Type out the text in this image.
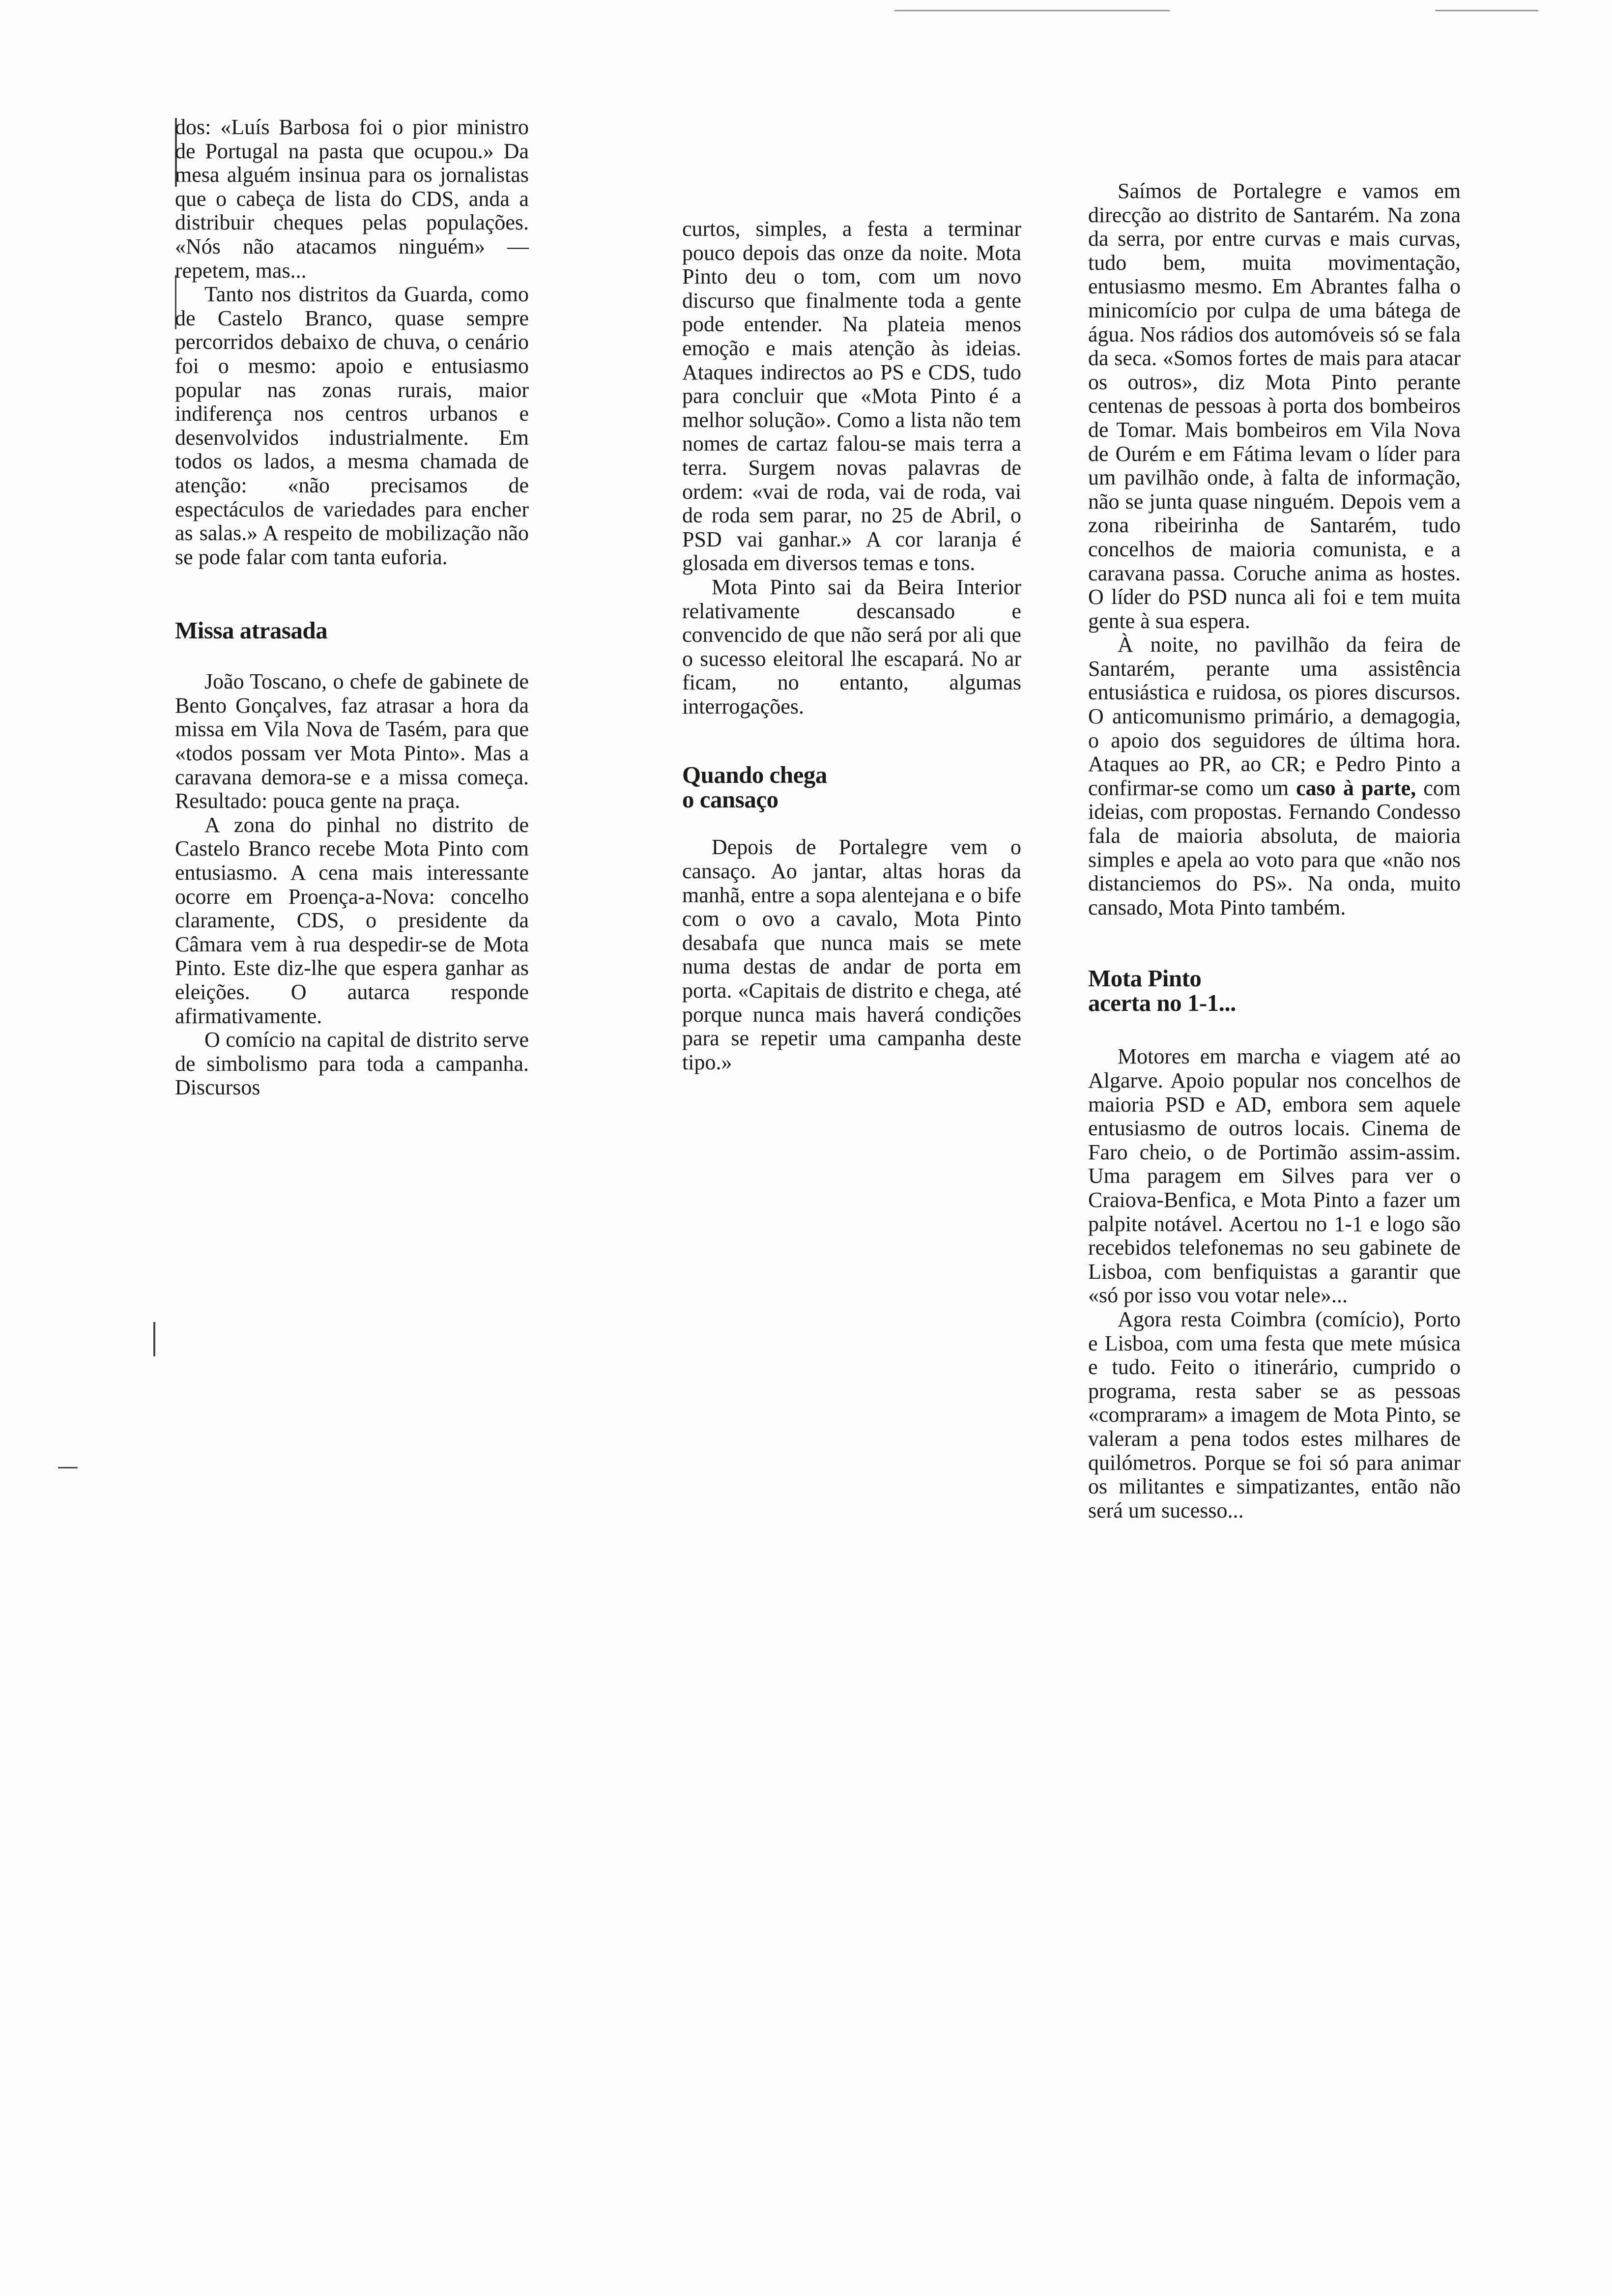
dos: «Luís Barbosa foi o pior ministro de Portugal na pasta que ocupou.» Da mesa alguém insinua para os jornalistas que o cabeça de lista do CDS, anda a distribuir cheques pelas populações. «Nós não atacamos ninguém» — repetem, mas...

Tanto nos distritos da Guarda, como de Castelo Branco, quase sempre percorridos debaixo de chuva, o cenário foi o mesmo: apoio e entusiasmo popular nas zonas rurais, maior indiferença nos centros urbanos e desenvolvidos industrialmente. Em todos os lados, a mesma chamada de atenção: «não precisamos de espectáculos de variedades para encher as salas.» A respeito de mobilização não se pode falar com tanta euforia.

Missa atrasada

João Toscano, o chefe de gabinete de Bento Gonçalves, faz atrasar a hora da missa em Vila Nova de Tasém, para que «todos possam ver Mota Pinto». Mas a caravana demora-se e a missa começa. Resultado: pouca gente na praça.

A zona do pinhal no distrito de Castelo Branco recebe Mota Pinto com entusiasmo. A cena mais interessante ocorre em Proença-a-Nova: concelho claramente, CDS, o presidente da Câmara vem à rua despedir-se de Mota Pinto. Este diz-lhe que espera ganhar as eleições. O autarca responde afirmativamente.

O comício na capital de distrito serve de simbolismo para toda a campanha. Discursos

curtos, simples, a festa a terminar pouco depois das onze da noite. Mota Pinto deu o tom, com um novo discurso que finalmente toda a gente pode entender. Na plateia menos emoção e mais atenção às ideias. Ataques indirectos ao PS e CDS, tudo para concluir que «Mota Pinto é a melhor solução». Como a lista não tem nomes de cartaz falou-se mais terra a terra. Surgem novas palavras de ordem: «vai de roda, vai de roda, vai de roda sem parar, no 25 de Abril, o PSD vai ganhar.» A cor laranja é glosada em diversos temas e tons.

Mota Pinto sai da Beira Interior relativamente descansado e convencido de que não será por ali que o sucesso eleitoral lhe escapará. No ar ficam, no entanto, algumas interrogações.

Quando chega
o cansaço

Depois de Portalegre vem o cansaço. Ao jantar, altas horas da manhã, entre a sopa alentejana e o bife com o ovo a cavalo, Mota Pinto desabafa que nunca mais se mete numa destas de andar de porta em porta. «Capitais de distrito e chega, até porque nunca mais haverá condições para se repetir uma campanha deste tipo.»

Saímos de Portalegre e vamos em direcção ao distrito de Santarém. Na zona da serra, por entre curvas e mais curvas, tudo bem, muita movimentação, entusiasmo mesmo. Em Abrantes falha o minicomício por culpa de uma bátega de água. Nos rádios dos automóveis só se fala da seca. «Somos fortes de mais para atacar os outros», diz Mota Pinto perante centenas de pessoas à porta dos bombeiros de Tomar. Mais bombeiros em Vila Nova de Ourém e em Fátima levam o líder para um pavilhão onde, à falta de informação, não se junta quase ninguém. Depois vem a zona ribeirinha de Santarém, tudo concelhos de maioria comunista, e a caravana passa. Coruche anima as hostes. O líder do PSD nunca ali foi e tem muita gente à sua espera.

À noite, no pavilhão da feira de Santarém, perante uma assistência entusiástica e ruidosa, os piores discursos. O anticomunismo primário, a demagogia, o apoio dos seguidores de última hora. Ataques ao PR, ao CR; e Pedro Pinto a confirmar-se como um caso à parte, com ideias, com propostas. Fernando Condesso fala de maioria absoluta, de maioria simples e apela ao voto para que «não nos distanciemos do PS». Na onda, muito cansado, Mota Pinto também.

Mota Pinto
acerta no 1-1...

Motores em marcha e viagem até ao Algarve. Apoio popular nos concelhos de maioria PSD e AD, embora sem aquele entusiasmo de outros locais. Cinema de Faro cheio, o de Portimão assim-assim. Uma paragem em Silves para ver o Craiova-Benfica, e Mota Pinto a fazer um palpite notável. Acertou no 1-1 e logo são recebidos telefonemas no seu gabinete de Lisboa, com benfiquistas a garantir que «só por isso vou votar nele»...

Agora resta Coimbra (comício), Porto e Lisboa, com uma festa que mete música e tudo. Feito o itinerário, cumprido o programa, resta saber se as pessoas «compraram» a imagem de Mota Pinto, se valeram a pena todos estes milhares de quilómetros. Porque se foi só para animar os militantes e simpatizantes, então não será um sucesso...
